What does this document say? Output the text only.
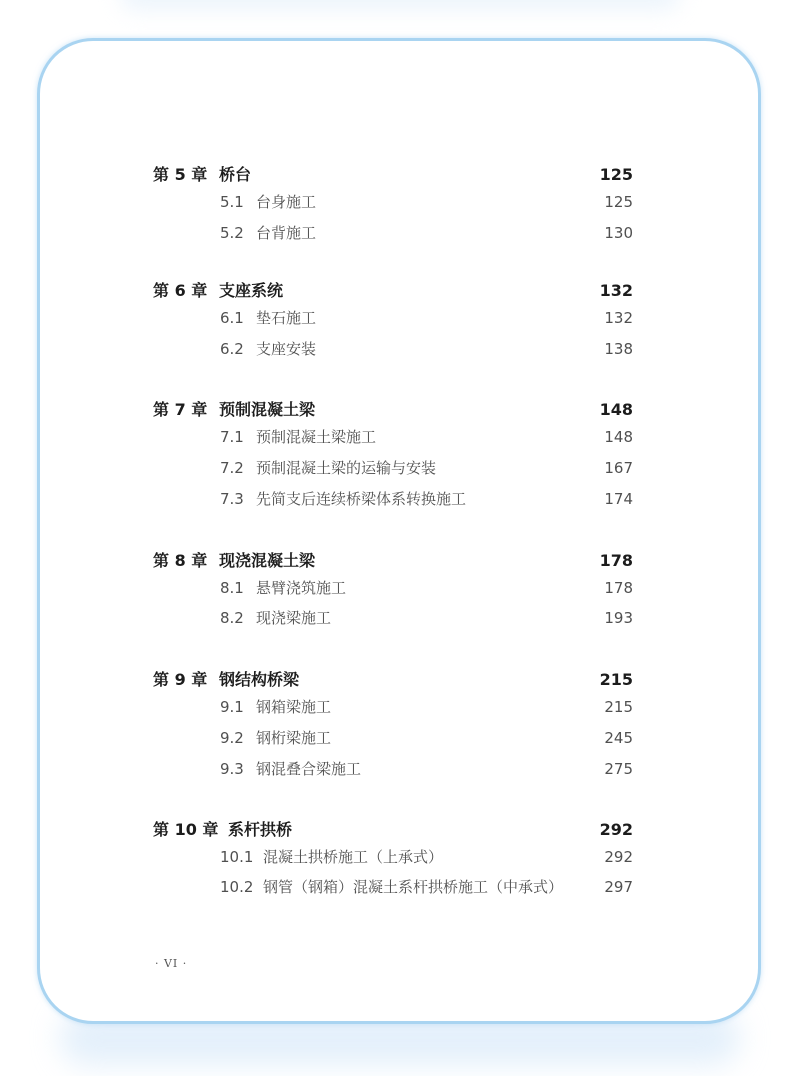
第 5 章 桥台	125
5.1 台身施工	125
5.2 台背施工	130
第 6 章 支座系统	132
6.1 垫石施工	132
6.2 支座安装	138
第 7 章 预制混凝土梁	148
7.1 预制混凝土梁施工	148
7.2 预制混凝土梁的运输与安装	167
7.3 先简支后连续桥梁体系转换施工	174
第 8 章 现浇混凝土梁	178
8.1 悬臂浇筑施工	178
8.2 现浇梁施工	193
第 9 章 钢结构桥梁	215
9.1 钢箱梁施工	215
9.2 钢桁梁施工	245
9.3 钢混叠合梁施工	275
第 10 章 系杆拱桥	292
10.1 混凝土拱桥施工（上承式）	292
10.2 钢管（钢箱）混凝土系杆拱桥施工（中承式）	297
· VI ·
